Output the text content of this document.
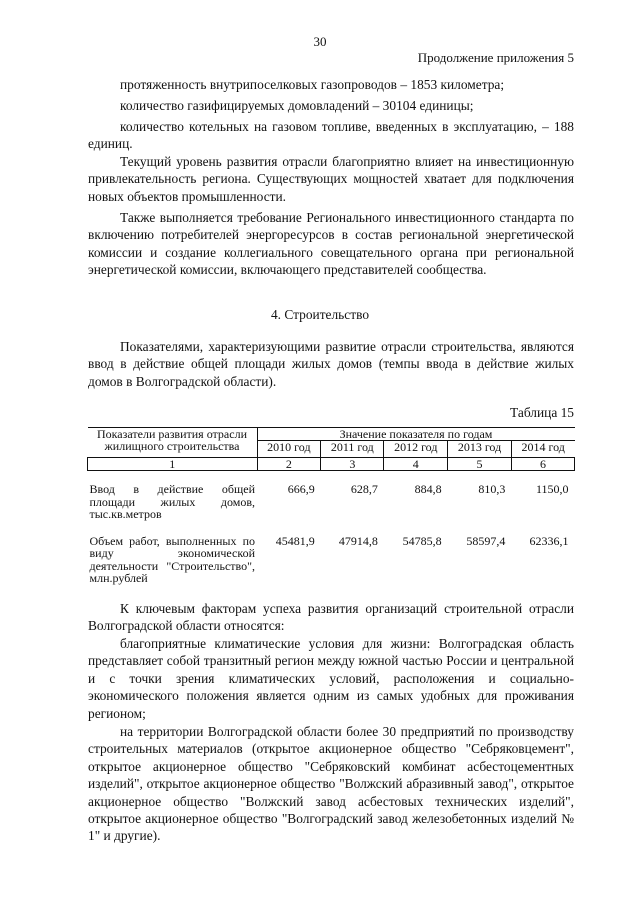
30
Продолжение приложения 5

протяженность внутрипоселковых газопроводов – 1853 километра;

количество газифицируемых домовладений – 30104 единицы;

количество котельных на газовом топливе, введенных в эксплуатацию, – 188 единиц.

Текущий уровень развития отрасли благоприятно влияет на инвестиционную привлекательность региона. Существующих мощностей хватает для подключения новых объектов промышленности.

Также выполняется требование Регионального инвестиционного стандарта по включению потребителей энергоресурсов в состав региональной энергетической комиссии и создание коллегиального совещательного органа при региональной энергетической комиссии, включающего представителей сообщества.

4. Строительство

Показателями, характеризующими развитие отрасли строительства, являются ввод в действие общей площади жилых домов (темпы ввода в действие жилых домов в Волгоградской области).

Таблица 15
Показатели развития отрасли жилищного строительства	Значение показателя по годам				
	2010 год	2011 год	2012 год	2013 год	2014 год
1	2	3	4	5	6
Ввод в действие общей площади жилых домов, тыс.кв.метров	666,9	628,7	884,8	810,3	1150,0
Объем работ, выполненных по виду экономической деятельности "Строительство", млн.рублей	45481,9	47914,8	54785,8	58597,4	62336,1

К ключевым факторам успеха развития организаций строительной отрасли Волгоградской области относятся:

благоприятные климатические условия для жизни: Волгоградская область представляет собой транзитный регион между южной частью России и центральной и с точки зрения климатических условий, расположения и социально-экономического положения является одним из самых удобных для проживания регионом;

на территории Волгоградской области более 30 предприятий по производству строительных материалов (открытое акционерное общество "Себряковцемент", открытое акционерное общество "Себряковский комбинат асбестоцементных изделий", открытое акционерное общество "Волжский абразивный завод", открытое акционерное общество "Волжский завод асбестовых технических изделий", открытое акционерное общество "Волгоградский завод железобетонных изделий № 1" и другие).
